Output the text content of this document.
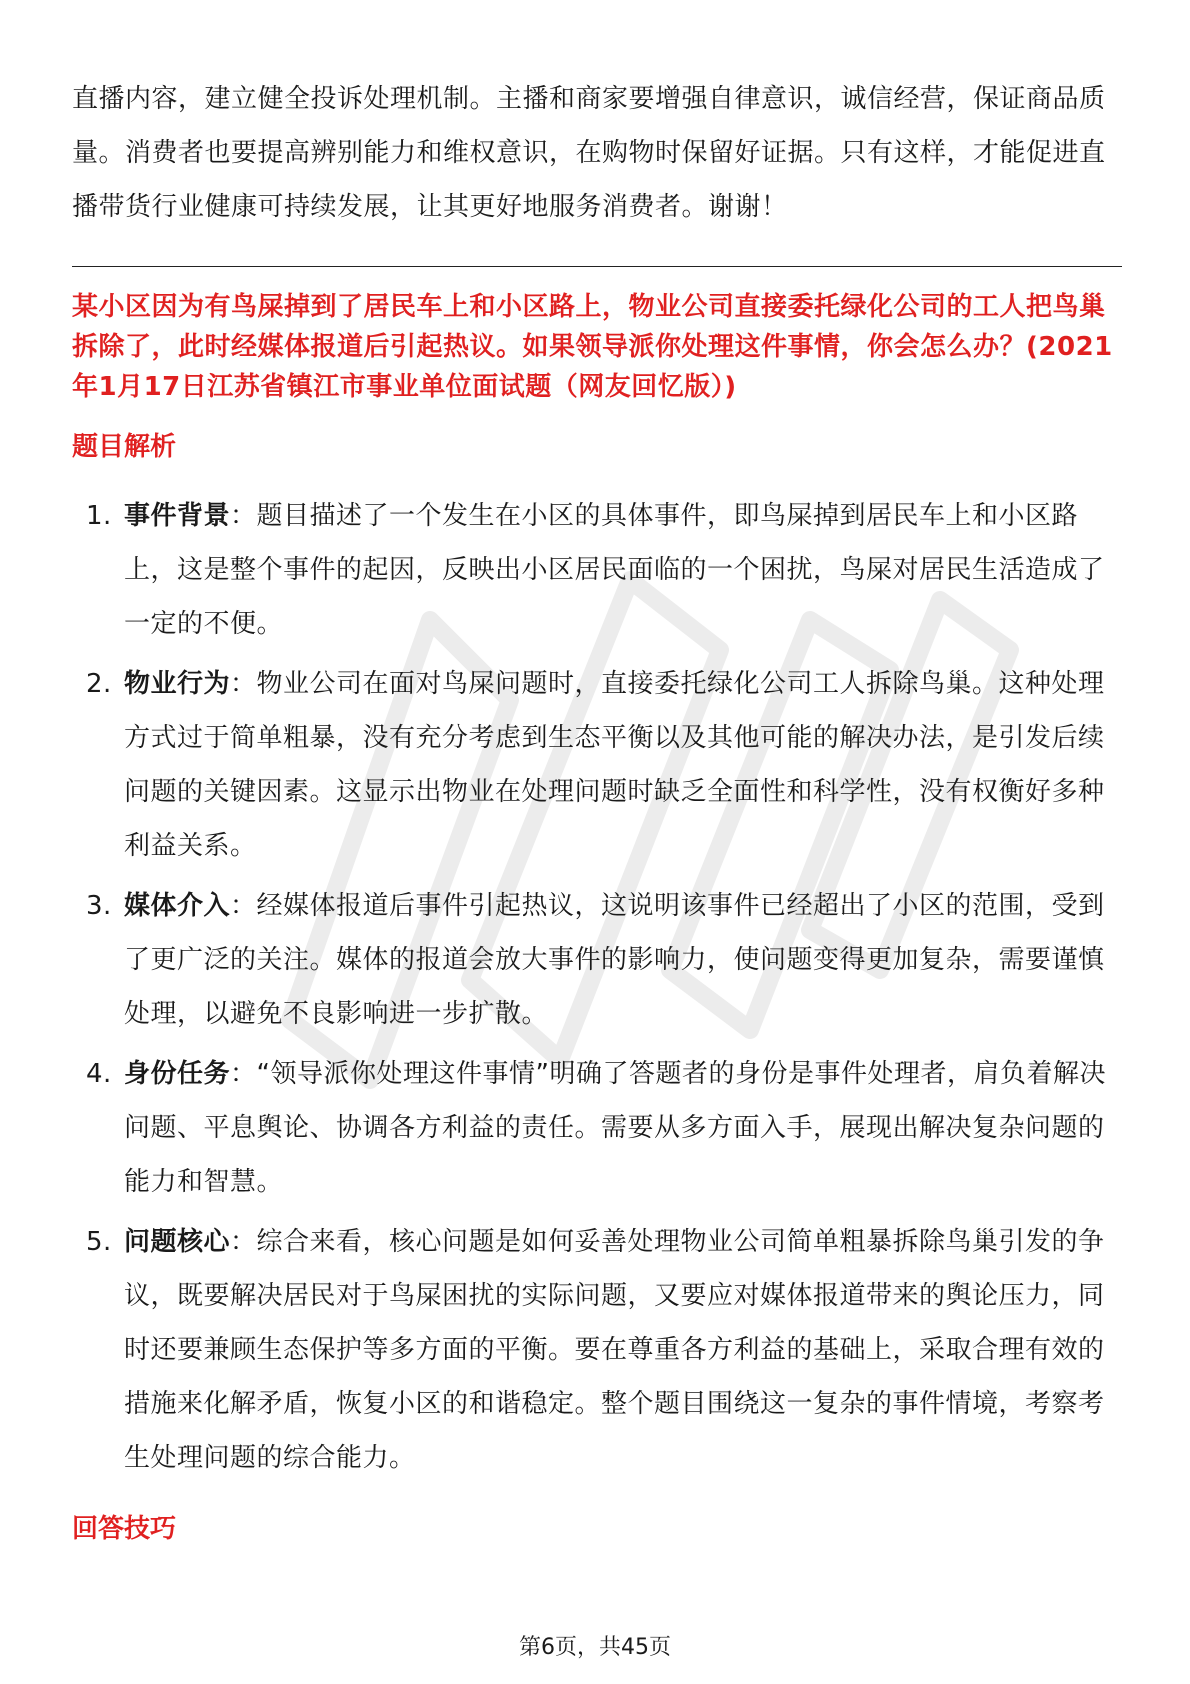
直播内容，建立健全投诉处理机制。主播和商家要增强自律意识，诚信经营，保证商品质量。消费者也要提高辨别能力和维权意识，在购物时保留好证据。只有这样，才能促进直播带货行业健康可持续发展，让其更好地服务消费者。谢谢！

某小区因为有鸟屎掉到了居民车上和小区路上，物业公司直接委托绿化公司的工人把鸟巢拆除了，此时经媒体报道后引起热议。如果领导派你处理这件事情，你会怎么办？(2021年1月17日江苏省镇江市事业单位面试题（网友回忆版）)
题目解析
1. 事件背景：题目描述了一个发生在小区的具体事件，即鸟屎掉到居民车上和小区路上，这是整个事件的起因，反映出小区居民面临的一个困扰，鸟屎对居民生活造成了一定的不便。
2. 物业行为：物业公司在面对鸟屎问题时，直接委托绿化公司工人拆除鸟巢。这种处理方式过于简单粗暴，没有充分考虑到生态平衡以及其他可能的解决办法，是引发后续问题的关键因素。这显示出物业在处理问题时缺乏全面性和科学性，没有权衡好多种利益关系。
3. 媒体介入：经媒体报道后事件引起热议，这说明该事件已经超出了小区的范围，受到了更广泛的关注。媒体的报道会放大事件的影响力，使问题变得更加复杂，需要谨慎处理，以避免不良影响进一步扩散。
4. 身份任务：“领导派你处理这件事情”明确了答题者的身份是事件处理者，肩负着解决问题、平息舆论、协调各方利益的责任。需要从多方面入手，展现出解决复杂问题的能力和智慧。
5. 问题核心：综合来看，核心问题是如何妥善处理物业公司简单粗暴拆除鸟巢引发的争议，既要解决居民对于鸟屎困扰的实际问题，又要应对媒体报道带来的舆论压力，同时还要兼顾生态保护等多方面的平衡。要在尊重各方利益的基础上，采取合理有效的措施来化解矛盾，恢复小区的和谐稳定。整个题目围绕这一复杂的事件情境，考察考生处理问题的综合能力。
回答技巧
第6页，共45页
